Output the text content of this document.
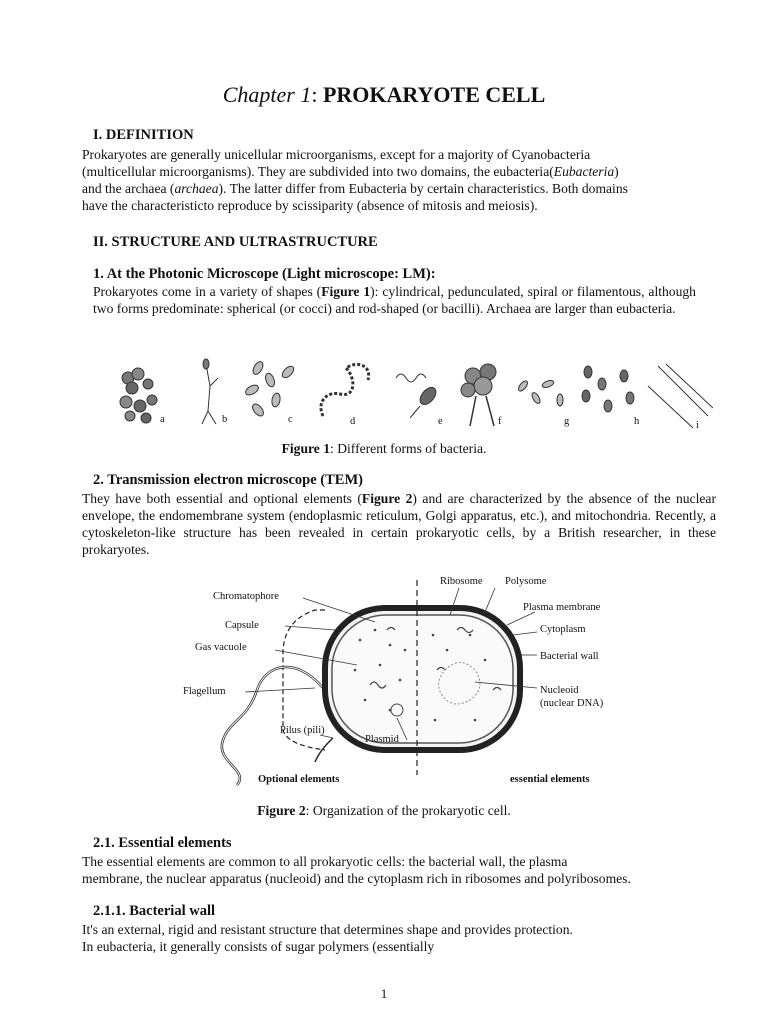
Chapter 1: PROKARYOTE CELL
I. DEFINITION
Prokaryotes are generally unicellular microorganisms, except for a majority of Cyanobacteria
(multicellular microorganisms). They are subdivided into two domains, the eubacteria(Eubacteria)
and the archaea (archaea). The latter differ from Eubacteria by certain characteristics. Both domains
have the characteristicto reproduce by scissiparity (absence of mitosis and meiosis).
II. STRUCTURE AND ULTRASTRUCTURE
1. At the Photonic Microscope (Light microscope: LM):
Prokaryotes come in a variety of shapes (Figure 1): cylindrical, pedunculated, spiral or filamentous, although two forms predominate: spherical (or cocci) and rod-shaped (or bacilli). Archaea are larger than eubacteria.
a	b	c	d	e	f	g	h	i
Figure 1: Different forms of bacteria.
2. Transmission electron microscope (TEM)
They have both essential and optional elements (Figure 2) and are characterized by the absence of the nuclear envelope, the endomembrane system (endoplasmic reticulum, Golgi apparatus, etc.), and mitochondria. Recently, a cytoskeleton-like structure has been revealed in certain prokaryotic cells, by a British researcher, in these prokaryotes.
Ribosome Polysome
Chromatophore
Plasma membrane
Capsule	Cytoplasm
Gas vacuole
Bacterial wall
Flagellum	Nucleoid
(nuclear DNA)
Pilus (pili)
Plasmid
Optional elements	essential elements
Figure 2: Organization of the prokaryotic cell.
2.1. Essential elements
The essential elements are common to all prokaryotic cells: the bacterial wall, the plasma
membrane, the nuclear apparatus (nucleoid) and the cytoplasm rich in ribosomes and polyribosomes.
2.1.1. Bacterial wall
It's an external, rigid and resistant structure that determines shape and provides protection.
In eubacteria, it generally consists of sugar polymers (essentially
1
